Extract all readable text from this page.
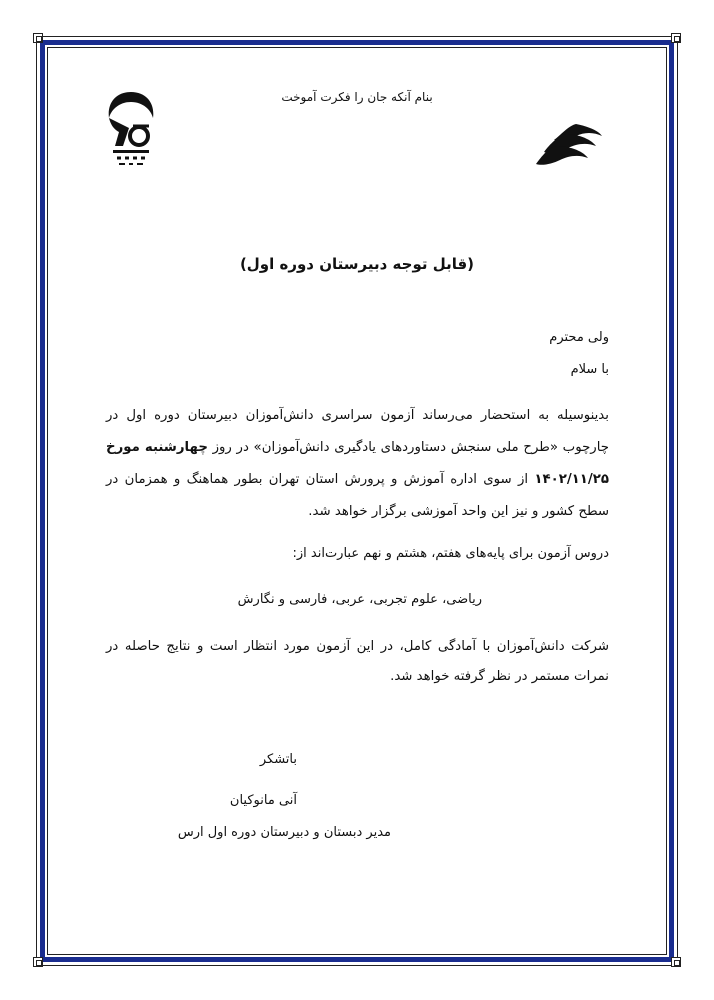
بنام آنکه جان را فکرت آموخت
(قابل توجه دبیرستان دوره اول)
ولی محترم
با سلام
بدینوسیله به استحضار می‌رساند آزمون سراسری دانش‌آموزان دبیرستان دوره اول در چارچوب «طرح ملی سنجش دستاوردهای یادگیری دانش‌آموزان» در روز چهارشنبه مورخ ۱۴۰۲/۱۱/۲۵ از سوی اداره آموزش و پرورش استان تهران بطور هماهنگ و همزمان در سطح کشور و نیز این واحد آموزشی برگزار خواهد شد.
دروس آزمون برای پایه‌های هفتم، هشتم و نهم عبارت‌اند از:
ریاضی، علوم تجربی، عربی، فارسی و نگارش
شرکت دانش‌آموزان با آمادگی کامل، در این آزمون مورد انتظار است و نتایج حاصله در نمرات مستمر در نظر گرفته خواهد شد.
باتشکر
آنی مانوکیان
مدیر دبستان و دبیرستان دوره اول ارس
